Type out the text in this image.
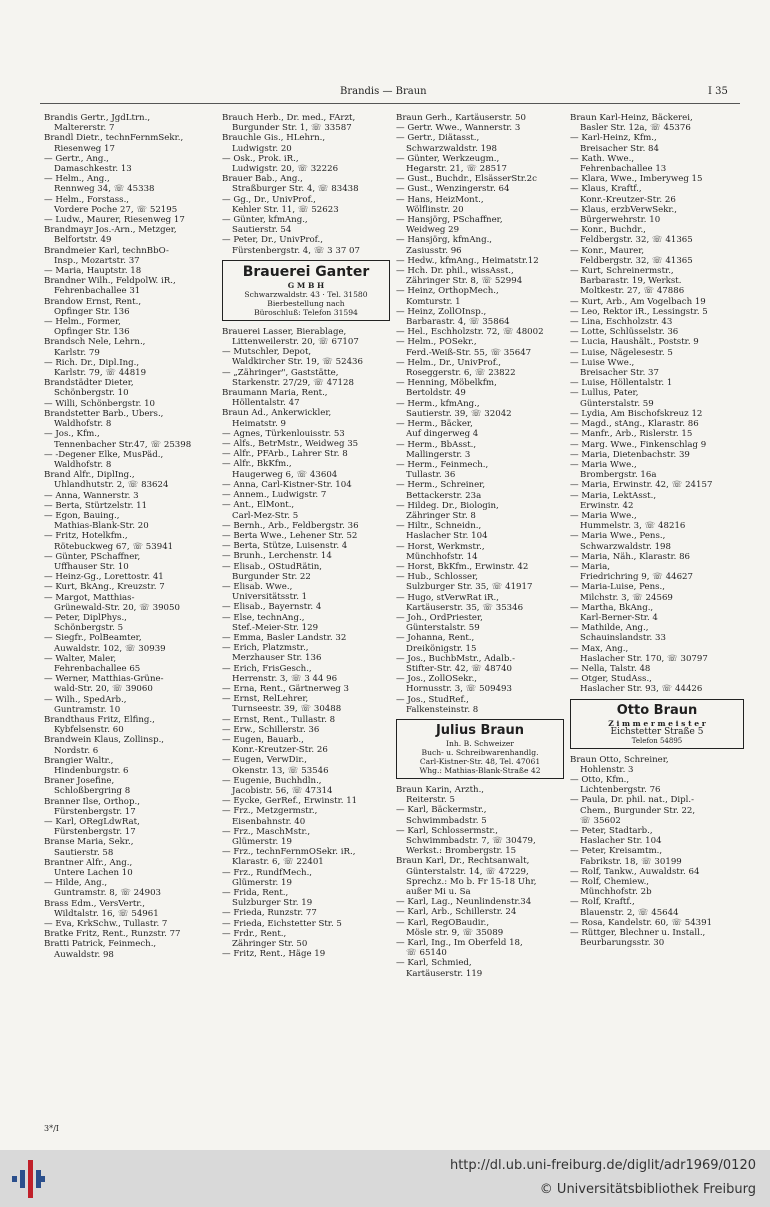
Brandis — Braun	I 35
Brandis Gertr., JgdLtrn.,
Maltererstr. 7
Brandl Dietr., technFernmSekr.,
Riesenweg 17
— Gertr., Ang.,
Damaschkestr. 13
— Helm., Ang.,
Rennweg 34, ☏ 45338
— Helm., Forstass.,
Vordere Poche 27, ☏ 52195
— Ludw., Maurer, Riesenweg 17
Brandmayr Jos.-Arn., Metzger,
Belfortstr. 49
Brandmeier Karl, technBbO-
Insp., Mozartstr. 37
— Maria, Hauptstr. 18
Brandner Wilh., FeldpolW. iR.,
Fehrenbachallee 31
Brandow Ernst, Rent.,
Opfinger Str. 136
— Helm., Former,
Opfinger Str. 136
Brandsch Nele, Lehrn.,
Karlstr. 79
— Rich. Dr., Dipl.Ing.,
Karlstr. 79, ☏ 44819
Brandstädter Dieter,
Schönbergstr. 10
— Willi, Schönbergstr. 10
Brandstetter Barb., Übers.,
Waldhofstr. 8
— Jos., Kfm.,
Tennenbacher Str.47, ☏ 25398
— -Degener Elke, MusPäd.,
Waldhofstr. 8
Brand Alfr., DiplIng.,
Uhlandhutstr. 2, ☏ 83624
— Anna, Wannerstr. 3
— Berta, Stürtzelstr. 11
— Egon, Bauing.,
Mathias-Blank-Str. 20
— Fritz, Hotelkfm.,
Rötebuckweg 67, ☏ 53941
— Günter, PSchaffner,
Uffhauser Str. 10
— Heinz-Gg., Lorettostr. 41
— Kurt, BkAng., Kreuzstr. 7
— Margot, Matthias-
Grünewald-Str. 20, ☏ 39050
— Peter, DiplPhys.,
Schönbergstr. 5
— Siegfr., PolBeamter,
Auwaldstr. 102, ☏ 30939
— Walter, Maler,
Fehrenbachallee 65
— Werner, Matthias-Grüne-
wald-Str. 20, ☏ 39060
— Wilh., SpedArb.,
Guntramstr. 10
Brandthaus Fritz, Elfing.,
Kybfelsenstr. 60
Brandwein Klaus, Zollinsp.,
Nordstr. 6
Brangier Waltr.,
Hindenburgstr. 6
Braner Josefine,
Schloßbergring 8
Branner Ilse, Orthop.,
Fürstenbergstr. 17
— Karl, ORegLdwRat,
Fürstenbergstr. 17
Branse Maria, Sekr.,
Sautierstr. 58
Brantner Alfr., Ang.,
Untere Lachen 10
— Hilde, Ang.,
Guntramstr. 8, ☏ 24903
Brass Edm., VersVertr.,
Wildtalstr. 16, ☏ 54961
— Eva, KrkSchw., Tullastr. 7
Bratke Fritz, Rent., Runzstr. 77
Bratti Patrick, Feinmech.,
Auwaldstr. 98
Brauch Herb., Dr. med., FArzt,
Burgunder Str. 1, ☏ 33587
Brauchle Gis., HLehrn.,
Ludwigstr. 20
— Osk., Prok. iR.,
Ludwigstr. 20, ☏ 32226
Brauer Bab., Ang.,
Straßburger Str. 4, ☏ 83438
— Gg., Dr., UnivProf.,
Kehler Str. 11, ☏ 52623
— Günter, kfmAng.,
Sautierstr. 54
— Peter, Dr., UnivProf.,
Fürstenbergstr. 4, ☏ 3 37 07
Brauerei Ganter
G M B H
Schwarzwaldstr. 43 · Tel. 31580
Bierbestellung nach
Büroschluß: Telefon 31594
Brauerei Lasser, Bierablage,
Littenweilerstr. 20, ☏ 67107
— Mutschler, Depot,
Waldkircher Str. 19, ☏ 52436
— „Zähringer", Gaststätte,
Starkenstr. 27/29, ☏ 47128
Braumann Maria, Rent.,
Höllentalstr. 47
Braun Ad., Ankerwickler,
Heimatstr. 9
— Agnes, Türkenlouisstr. 53
— Alfs., BetrMstr., Weidweg 35
— Alfr., PFArb., Lahrer Str. 8
— Alfr., BkKfm.,
Haugerweg 6, ☏ 43604
— Anna, Carl-Kistner-Str. 104
— Annem., Ludwigstr. 7
— Ant., ElMont.,
Carl-Mez-Str. 5
— Bernh., Arb., Feldbergstr. 36
— Berta Wwe., Lehener Str. 52
— Berta, Stütze, Luisenstr. 4
— Brunh., Lerchenstr. 14
— Elisab., OStudRätin,
Burgunder Str. 22
— Elisab. Wwe.,
Universitätsstr. 1
— Elisab., Bayernstr. 4
— Else, technAng.,
Stef.-Meier-Str. 129
— Emma, Basler Landstr. 32
— Erich, Platzmstr.,
Merzhauser Str. 136
— Erich, FrisGesch.,
Herrenstr. 3, ☏ 3 44 96
— Erna, Rent., Gärtnerweg 3
— Ernst, RelLehrer,
Turnseestr. 39, ☏ 30488
— Ernst, Rent., Tullastr. 8
— Erw., Schillerstr. 36
— Eugen, Bauarb.,
Konr.-Kreutzer-Str. 26
— Eugen, VerwDir.,
Okenstr. 13, ☏ 53546
— Eugenie, Buchhdln.,
Jacobistr. 56, ☏ 47314
— Eycke, GerRef., Erwinstr. 11
— Frz., Metzgermstr.,
Eisenbahnstr. 40
— Frz., MaschMstr.,
Glümerstr. 19
— Frz., technFernmOSekr. iR.,
Klarastr. 6, ☏ 22401
— Frz., RundfMech.,
Glümerstr. 19
— Frida, Rent.,
Sulzburger Str. 19
— Frieda, Runzstr. 77
— Frieda, Eichstetter Str. 5
— Frdr., Rent.,
Zähringer Str. 50
— Fritz, Rent., Häge 19
Braun Gerh., Kartäuserstr. 50
— Gertr. Wwe., Wannerstr. 3
— Gertr., Diätasst.,
Schwarzwaldstr. 198
— Günter, Werkzeugm.,
Hegarstr. 21, ☏ 28517
— Gust., Buchdr., ElsässerStr.2c
— Gust., Wenzingerstr. 64
— Hans, HeizMont.,
Wölflinstr. 20
— Hansjörg, PSchaffner,
Weidweg 29
— Hansjörg, kfmAng.,
Zasiusstr. 96
— Hedw., kfmAng., Heimatstr.12
— Hch. Dr. phil., wissAsst.,
Zähringer Str. 8, ☏ 52994
— Heinz, OrthopMech.,
Komturstr. 1
— Heinz, ZollOInsp.,
Barbarastr. 4, ☏ 35864
— Hel., Eschholzstr. 72, ☏ 48002
— Helm., POSekr.,
Ferd.-Weiß-Str. 55, ☏ 35647
— Helm., Dr., UnivProf.,
Roseggerstr. 6, ☏ 23822
— Henning, Möbelkfm,
Bertoldstr. 49
— Herm., kfmAng.,
Sautierstr. 39, ☏ 32042
— Herm., Bäcker,
Auf dingerweg 4
— Herm., BbAsst.,
Mallingerstr. 3
— Herm., Feinmech.,
Tullastr. 36
— Herm., Schreiner,
Bettackerstr. 23a
— Hildeg. Dr., Biologin,
Zähringer Str. 8
— Hiltr., Schneidn.,
Haslacher Str. 104
— Horst, Werkmstr.,
Münchhofstr. 14
— Horst, BkKfm., Erwinstr. 42
— Hub., Schlosser,
Sulzburger Str. 35, ☏ 41917
— Hugo, stVerwRat iR.,
Kartäuserstr. 35, ☏ 35346
— Joh., OrdPriester,
Günterstalstr. 59
— Johanna, Rent.,
Dreikönigstr. 15
— Jos., BuchbMstr., Adalb.-
Stifter-Str. 42, ☏ 48740
— Jos., ZollOSekr.,
Hornusstr. 3, ☏ 509493
— Jos., StudRef.,
Falkensteinstr. 8
Julius Braun
Inh. B. Schweizer
Buch- u. Schreibwarenhandlg.
Carl-Kistner-Str. 48, Tel. 47061
Whg.: Mathias-Blank-Straße 42
Braun Karin, Arzth.,
Reiterstr. 5
— Karl, Bäckermstr.,
Schwimmbadstr. 5
— Karl, Schlossermstr.,
Schwimmbadstr. 7, ☏ 30479,
Werkst.: Brombergstr. 15
Braun Karl, Dr., Rechtsanwalt,
Günterstalstr. 14, ☏ 47229,
Sprechz.: Mo b. Fr 15-18 Uhr,
außer Mi u. Sa
— Karl, Lag., Neunlindenstr.34
— Karl, Arb., Schillerstr. 24
— Karl, RegOBaudir.,
Mösle str. 9, ☏ 35089
— Karl, Ing., Im Oberfeld 18,
☏ 65140
— Karl, Schmied,
Kartäuserstr. 119
Braun Karl-Heinz, Bäckerei,
Basler Str. 12a, ☏ 45376
— Karl-Heinz, Kfm.,
Breisacher Str. 84
— Kath. Wwe.,
Fehrenbachallee 13
— Klara, Wwe., Imberyweg 15
— Klaus, Kraftf.,
Konr.-Kreutzer-Str. 26
— Klaus, erzbVerwSekr.,
Bürgerwehrstr. 10
— Konr., Buchdr.,
Feldbergstr. 32, ☏ 41365
— Konr., Maurer,
Feldbergstr. 32, ☏ 41365
— Kurt, Schreinermstr.,
Barbarastr. 19, Werkst.
Moltkestr. 27, ☏ 47886
— Kurt, Arb., Am Vogelbach 19
— Leo, Rektor iR., Lessingstr. 5
— Lina, Eschholzstr. 43
— Lotte, Schlüsselstr. 36
— Lucia, Haushält., Poststr. 9
— Luise, Nägelesestr. 5
— Luise Wwe.,
Breisacher Str. 37
— Luise, Höllentalstr. 1
— Lullus, Pater,
Günterstalstr. 59
— Lydia, Am Bischofskreuz 12
— Magd., stAng., Klarastr. 86
— Manfr., Arb., Rislerstr. 15
— Marg. Wwe., Finkenschlag 9
— Maria, Dietenbachstr. 39
— Maria Wwe.,
Brombergstr. 16a
— Maria, Erwinstr. 42, ☏ 24157
— Maria, LektAsst.,
Erwinstr. 42
— Maria Wwe.,
Hummelstr. 3, ☏ 48216
— Maria Wwe., Pens.,
Schwarzwaldstr. 198
— Maria, Näh., Klarastr. 86
— Maria,
Friedrichring 9, ☏ 44627
— Maria-Luise, Pens.,
Milchstr. 3, ☏ 24569
— Martha, BkAng.,
Karl-Berner-Str. 4
— Mathilde, Ang.,
Schauinslandstr. 33
— Max, Ang.,
Haslacher Str. 170, ☏ 30797
— Nella, Talstr. 48
— Otger, StudAss.,
Haslacher Str. 93, ☏ 44426
Otto Braun
Z i m m e r m e i s t e r
Eichstetter Straße 5
Telefon 54895
Braun Otto, Schreiner,
Hohlenstr. 3
— Otto, Kfm.,
Lichtenbergstr. 76
— Paula, Dr. phil. nat., Dipl.-
Chem., Burgunder Str. 22,
☏ 35602
— Peter, Stadtarb.,
Haslacher Str. 104
— Peter, Kreisamtm.,
Fabrikstr. 18, ☏ 30199
— Rolf, Tankw., Auwaldstr. 64
— Rolf, Chemiew.,
Münchhofstr. 2b
— Rolf, Kraftf.,
Blauenstr. 2, ☏ 45644
— Rosa, Kandelstr. 60, ☏ 54391
— Rüttger, Blechner u. Install.,
Beurbarungsstr. 30
3*/I
http://dl.ub.uni-freiburg.de/diglit/adr1969/0120
© Universitätsbibliothek Freiburg
